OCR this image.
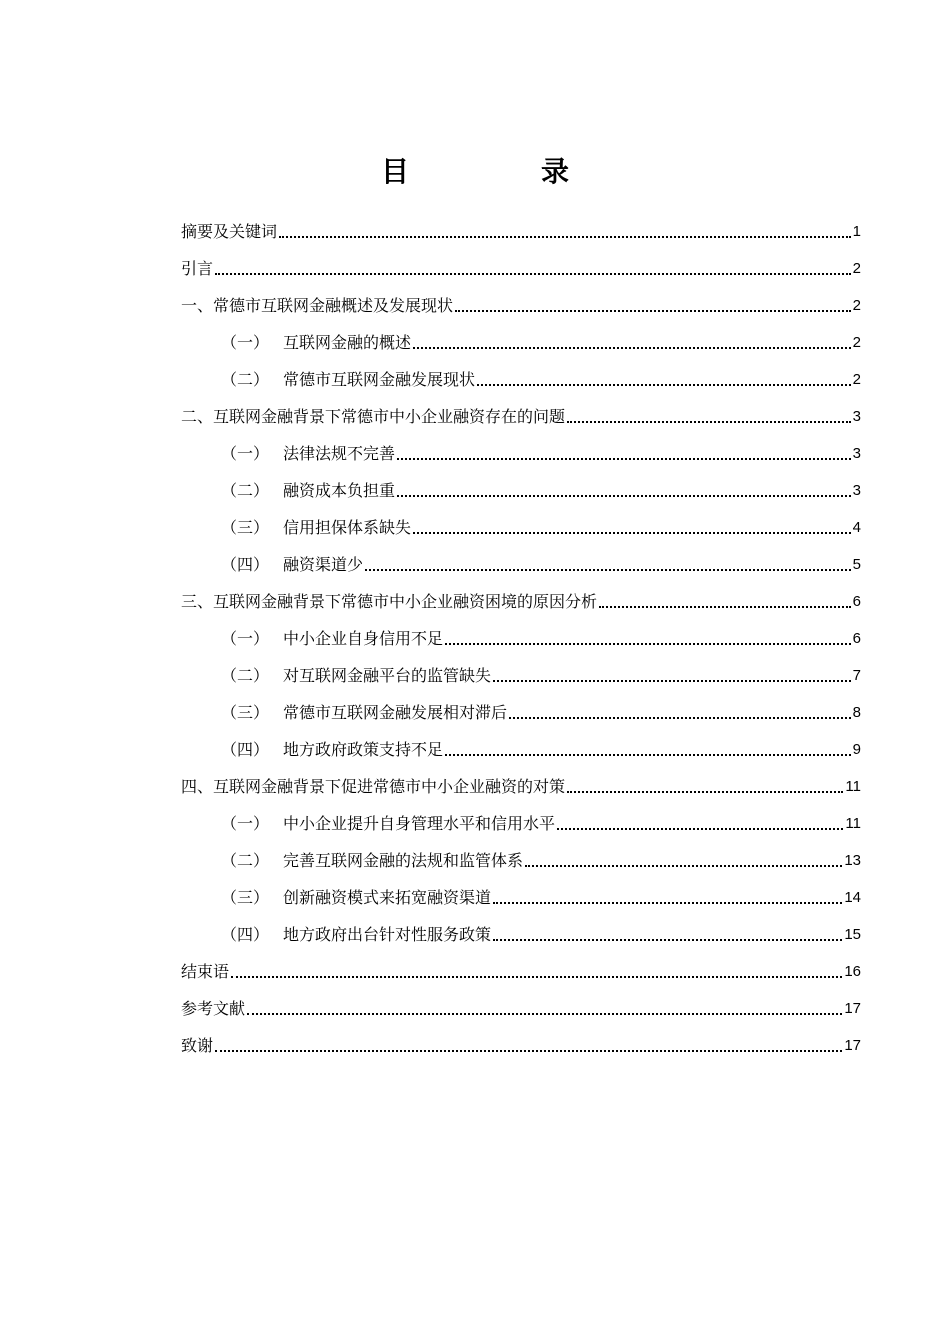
目　录
摘要及关键词	1
引言	2
一、常德市互联网金融概述及发展现状	2
（一） 互联网金融的概述	2
（二） 常德市互联网金融发展现状	2
二、互联网金融背景下常德市中小企业融资存在的问题	3
（一） 法律法规不完善	3
（二） 融资成本负担重	3
（三） 信用担保体系缺失	4
（四） 融资渠道少	5
三、互联网金融背景下常德市中小企业融资困境的原因分析	6
（一） 中小企业自身信用不足	6
（二） 对互联网金融平台的监管缺失	7
（三） 常德市互联网金融发展相对滞后	8
（四） 地方政府政策支持不足	9
四、互联网金融背景下促进常德市中小企业融资的对策	11
（一） 中小企业提升自身管理水平和信用水平	11
（二） 完善互联网金融的法规和监管体系	13
（三） 创新融资模式来拓宽融资渠道	14
（四） 地方政府出台针对性服务政策	15
结束语	16
参考文献	17
致谢	17
